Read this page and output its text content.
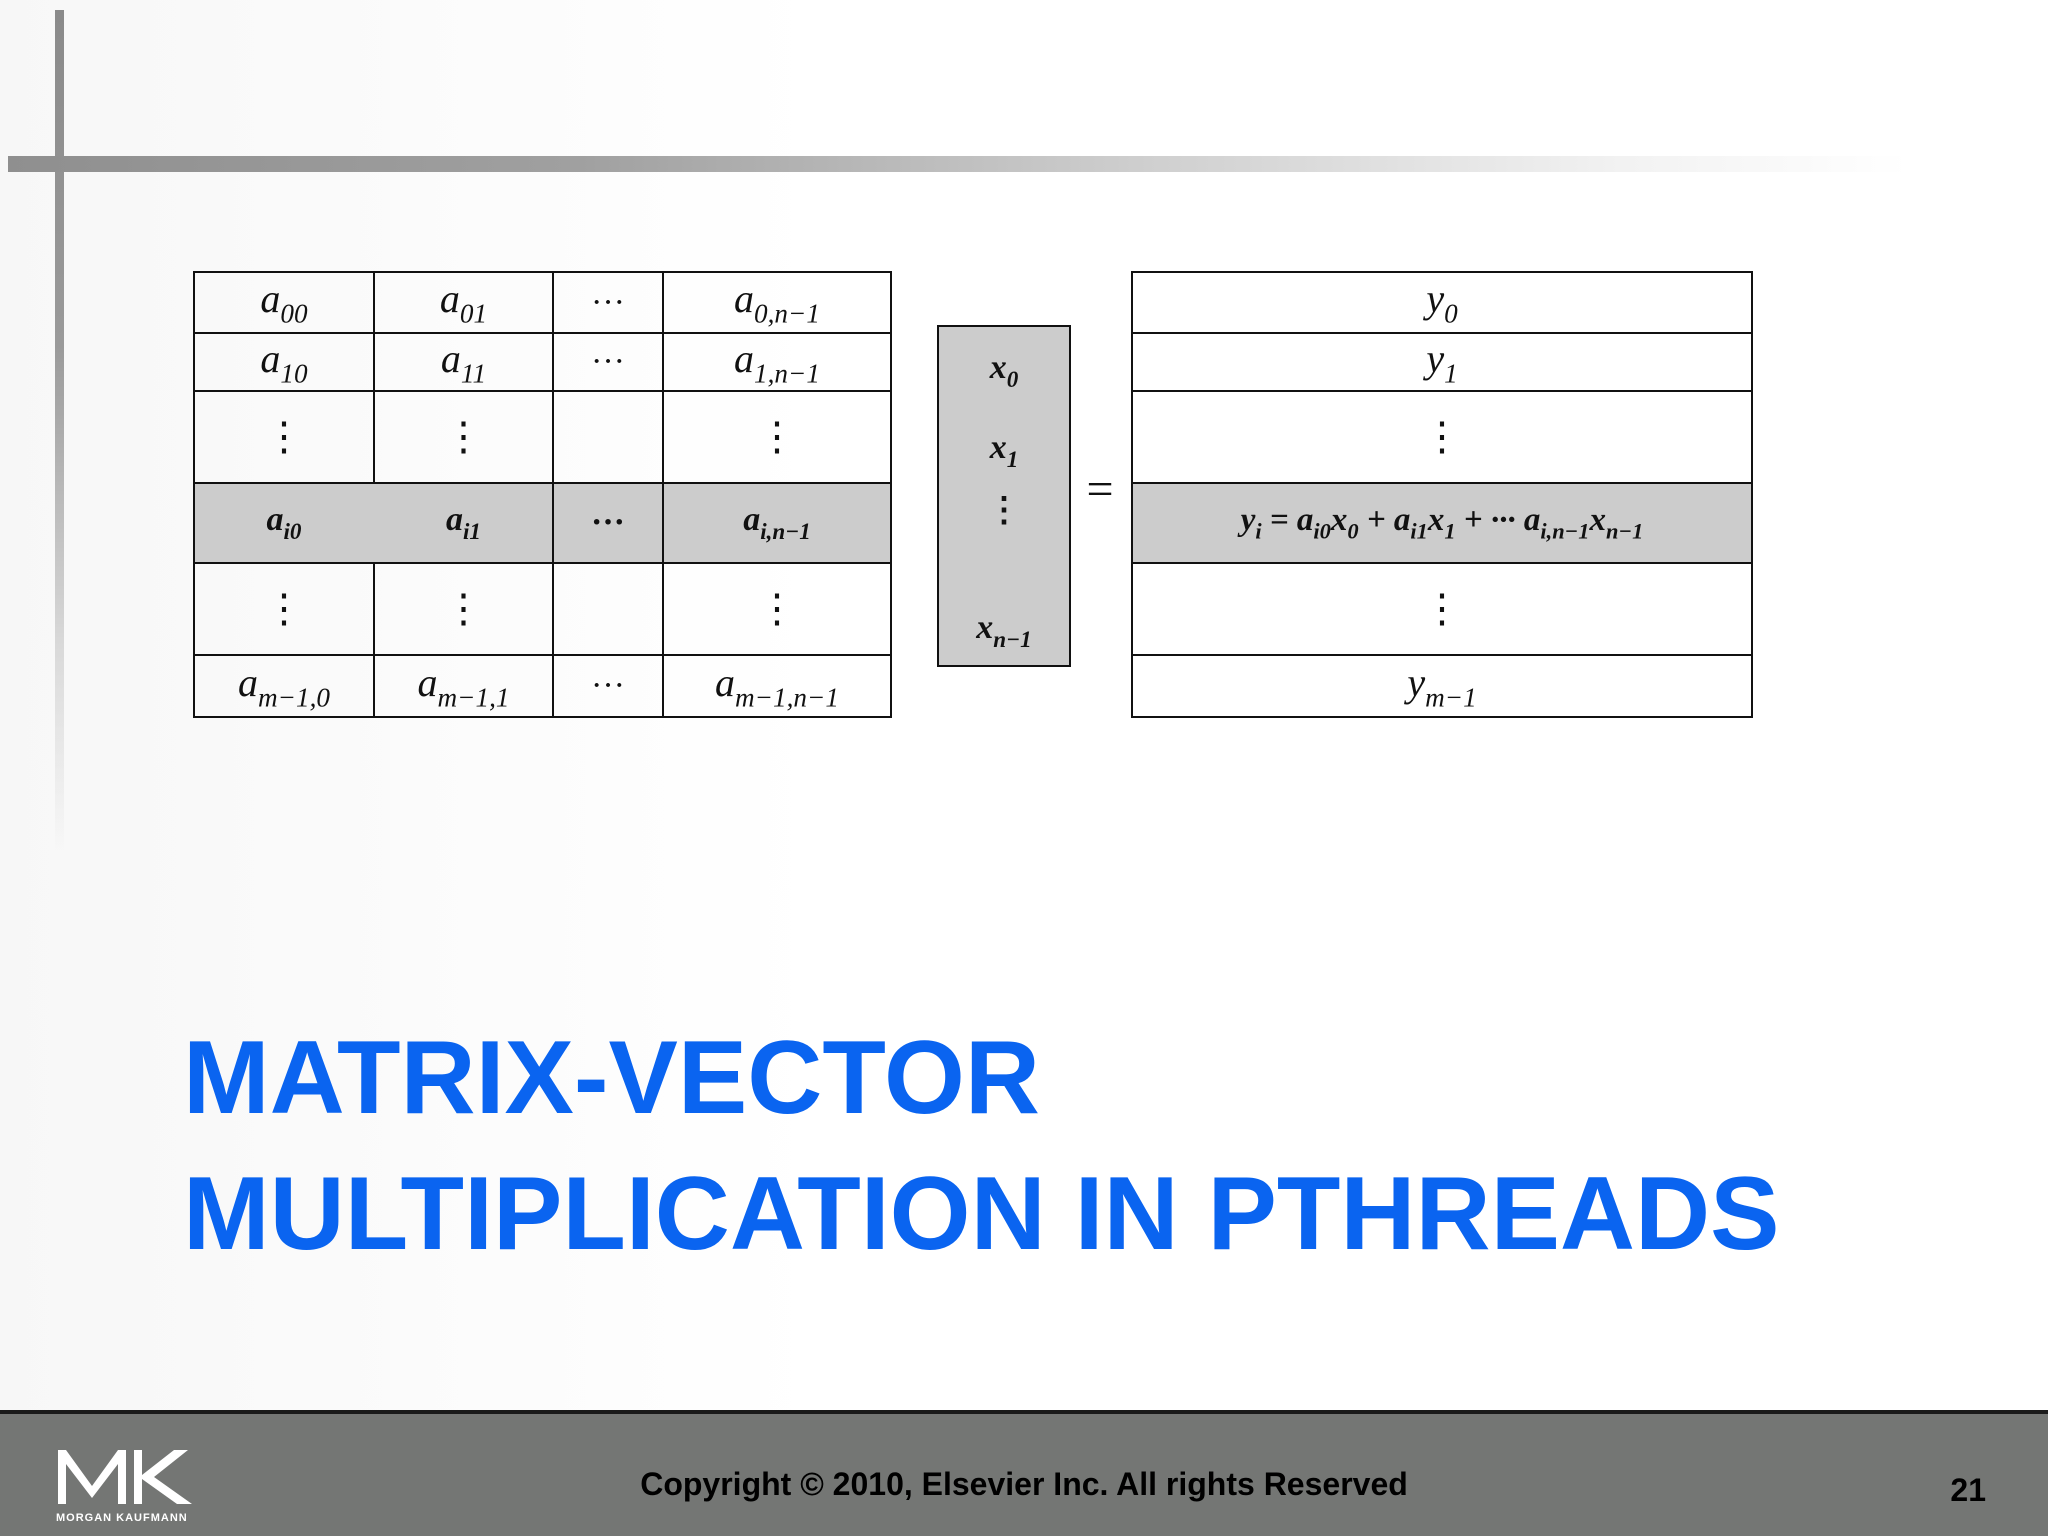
$a_{00}$	$a_{01}$	···	$a_{0,n-1}$
$a_{10}$	$a_{11}$	···	$a_{1,n-1}$
⋮	⋮		⋮
$a_{i0}$	$a_{i1}$	···	$a_{i,n-1}$
⋮	⋮		⋮
$a_{m-1,0}$	$a_{m-1,1}$	···	$a_{m-1,n-1}$
$x_0$
$x_1$
⋮
$x_{n-1}$
=
$y_0$
$y_1$
⋮
$y_i = a_{i0}x_0 + a_{i1}x_1$ + ··· $a_{i,n-1}x_{n-1}$
⋮
$y_{m-1}$
MATRIX-VECTOR
MULTIPLICATION IN PTHREADS
MORGAN KAUFMANN
Copyright © 2010, Elsevier Inc. All rights Reserved	21
